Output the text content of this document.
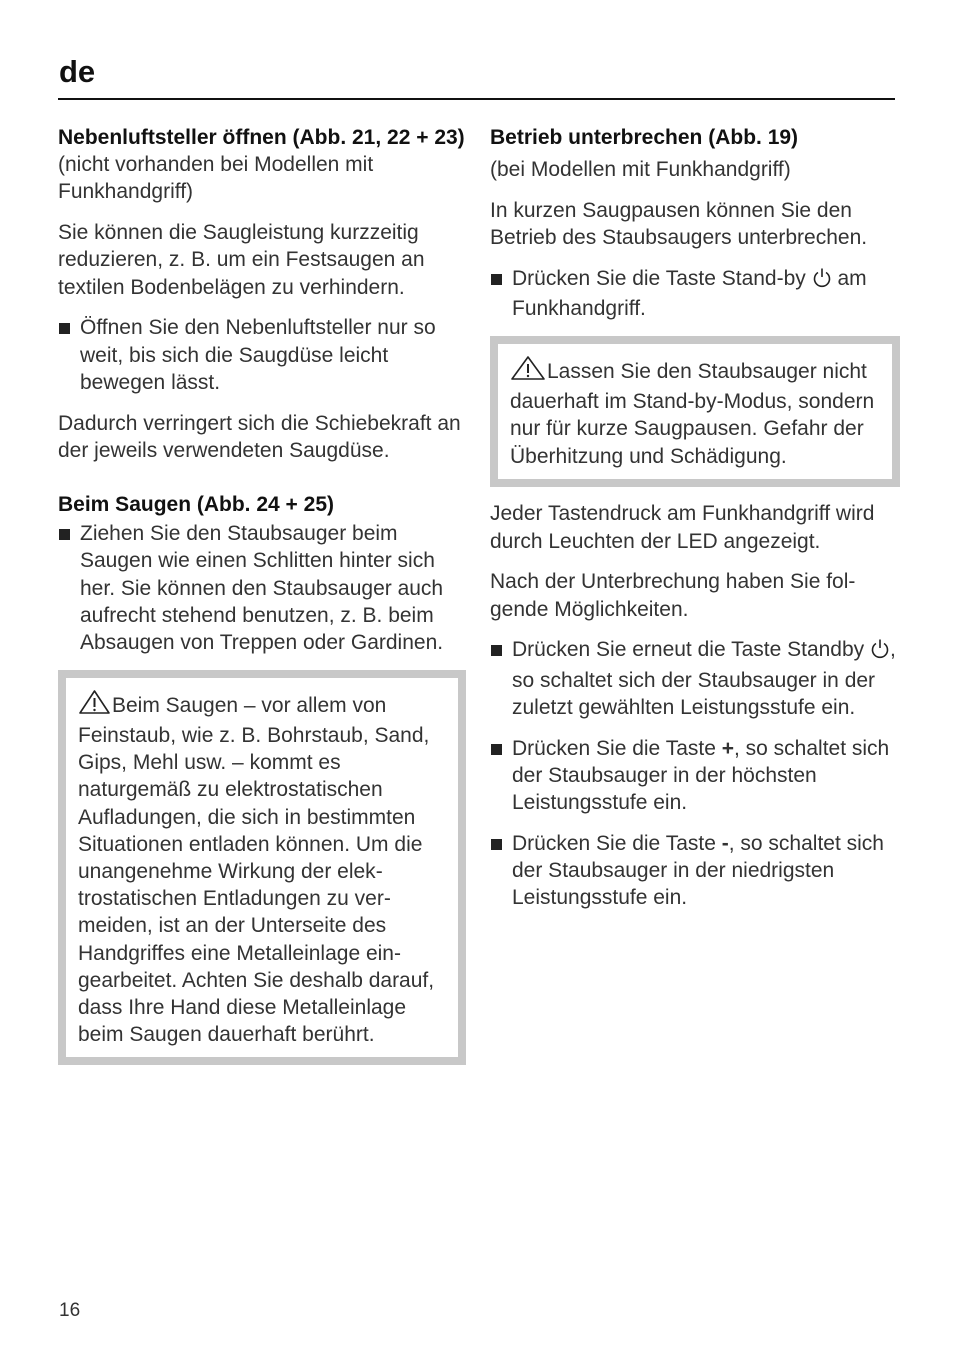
de
Nebenluftsteller öffnen (Abb. 21, 22 + 23)

(nicht vorhanden bei Modellen mit Funkhandgriff)

Sie können die Saugleistung kurzzeitig reduzieren, z. B. um ein Festsaugen an textilen Bodenbelägen zu verhindern.

Öffnen Sie den Nebenluftsteller nur so weit, bis sich die Saugdüse leicht bewegen lässt.

Dadurch verringert sich die Schiebekraft an der jeweils verwendeten Saugdüse.

Beim Saugen (Abb. 24 + 25)
Ziehen Sie den Staubsauger beim Saugen wie einen Schlitten hinter sich her. Sie können den Staubsauger auch aufrecht stehend benutzen, z. B. beim Absaugen von Treppen oder Gardinen.
Beim Saugen – vor allem von Feinstaub, wie z. B. Bohrstaub, Sand, Gips, Mehl usw. – kommt es naturgemäß zu elektrostatischen Aufladungen, die sich in bestimmten Situationen entladen können. Um die unangenehme Wirkung der elektrostatischen Entladungen zu vermeiden, ist an der Unterseite des Handgriffes eine Metalleinlage eingearbeitet. Achten Sie deshalb darauf, dass Ihre Hand diese Metalleinlage beim Saugen dauerhaft berührt.
Betrieb unterbrechen (Abb. 19)

(bei Modellen mit Funkhandgriff)

In kurzen Saugpausen können Sie den Betrieb des Staubsaugers unterbrechen.

Drücken Sie die Taste Stand-by  am Funkhandgriff.
Lassen Sie den Staubsauger nicht dauerhaft im Stand-by-Modus, sondern nur für kurze Saugpausen. Gefahr der Überhitzung und Schädigung.

Jeder Tastendruck am Funkhandgriff wird durch Leuchten der LED angezeigt.

Nach der Unterbrechung haben Sie folgende Möglichkeiten.

Drücken Sie erneut die Taste Standby , so schaltet sich der Staubsauger in der zuletzt gewählten Leistungsstufe ein.
Drücken Sie die Taste +, so schaltet sich der Staubsauger in der höchsten Leistungsstufe ein.
Drücken Sie die Taste -, so schaltet sich der Staubsauger in der niedrigsten Leistungsstufe ein.
16
